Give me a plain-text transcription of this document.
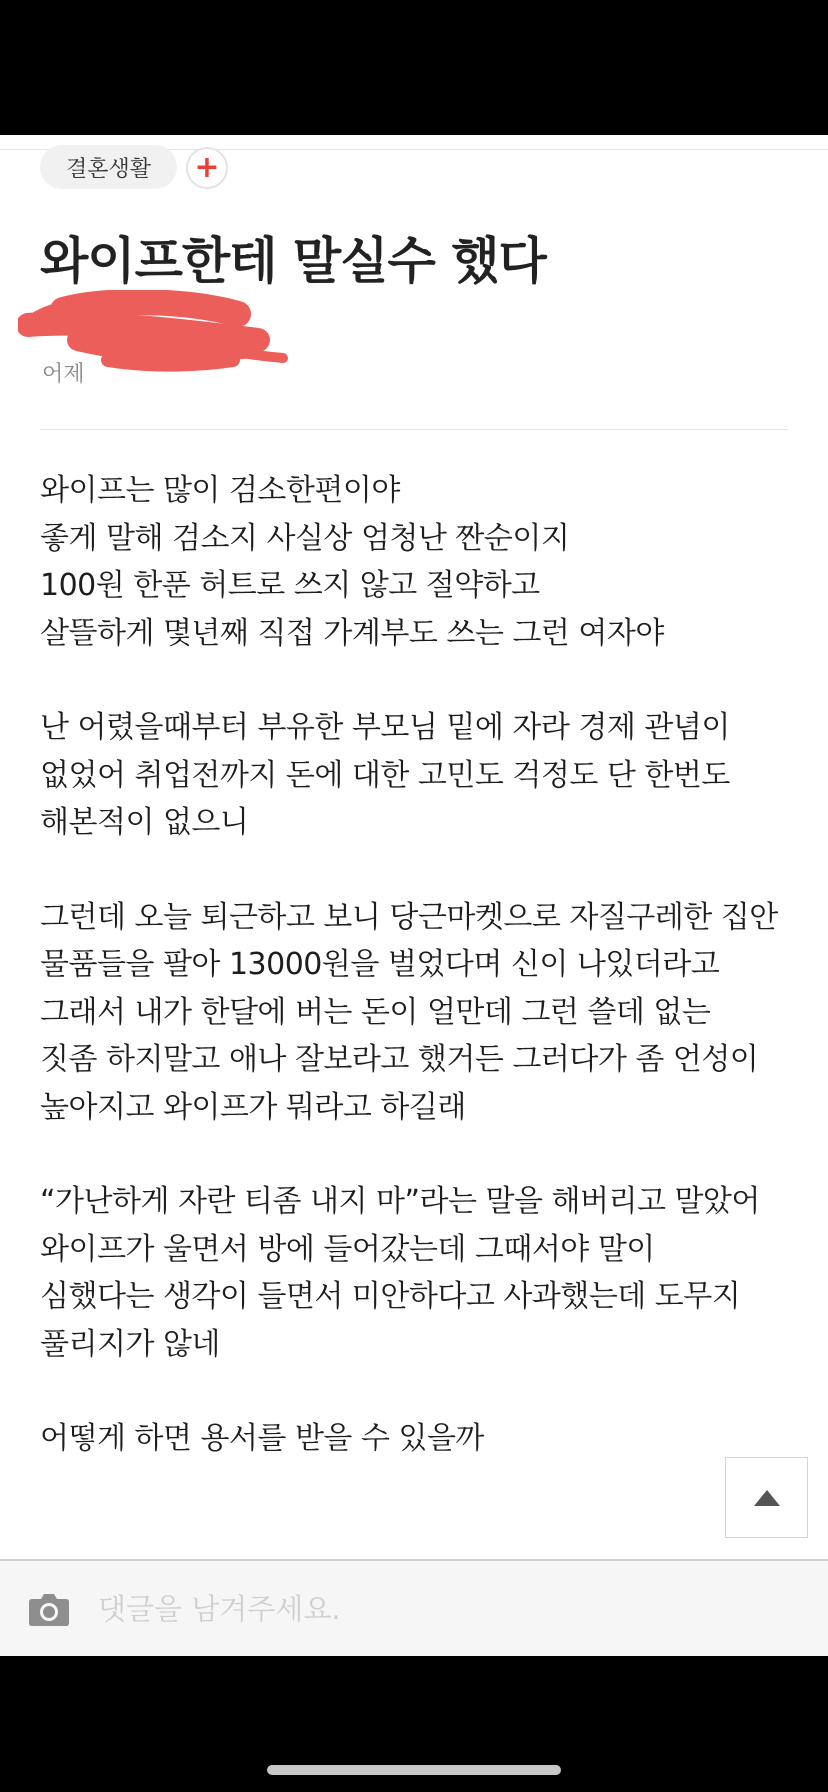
결혼생활 +
와이프한테 말실수 했다
어제
와이프는 많이 검소한편이야
좋게 말해 검소지 사실상 엄청난 짠순이지
100원 한푼 허트로 쓰지 않고 절약하고
살뜰하게 몇년째 직접 가계부도 쓰는 그런 여자야
난 어렸을때부터 부유한 부모님 밑에 자라 경제 관념이
없었어 취업전까지 돈에 대한 고민도 걱정도 단 한번도
해본적이 없으니
그런데 오늘 퇴근하고 보니 당근마켓으로 자질구레한 집안
물품들을 팔아 13000원을 벌었다며 신이 나있더라고
그래서 내가 한달에 버는 돈이 얼만데 그런 쓸데 없는
짓좀 하지말고 애나 잘보라고 했거든 그러다가 좀 언성이
높아지고 와이프가 뭐라고 하길래
“가난하게 자란 티좀 내지 마”라는 말을 해버리고 말았어
와이프가 울면서 방에 들어갔는데 그때서야 말이
심했다는 생각이 들면서 미안하다고 사과했는데 도무지
풀리지가 않네
어떻게 하면 용서를 받을 수 있을까
댓글을 남겨주세요.
